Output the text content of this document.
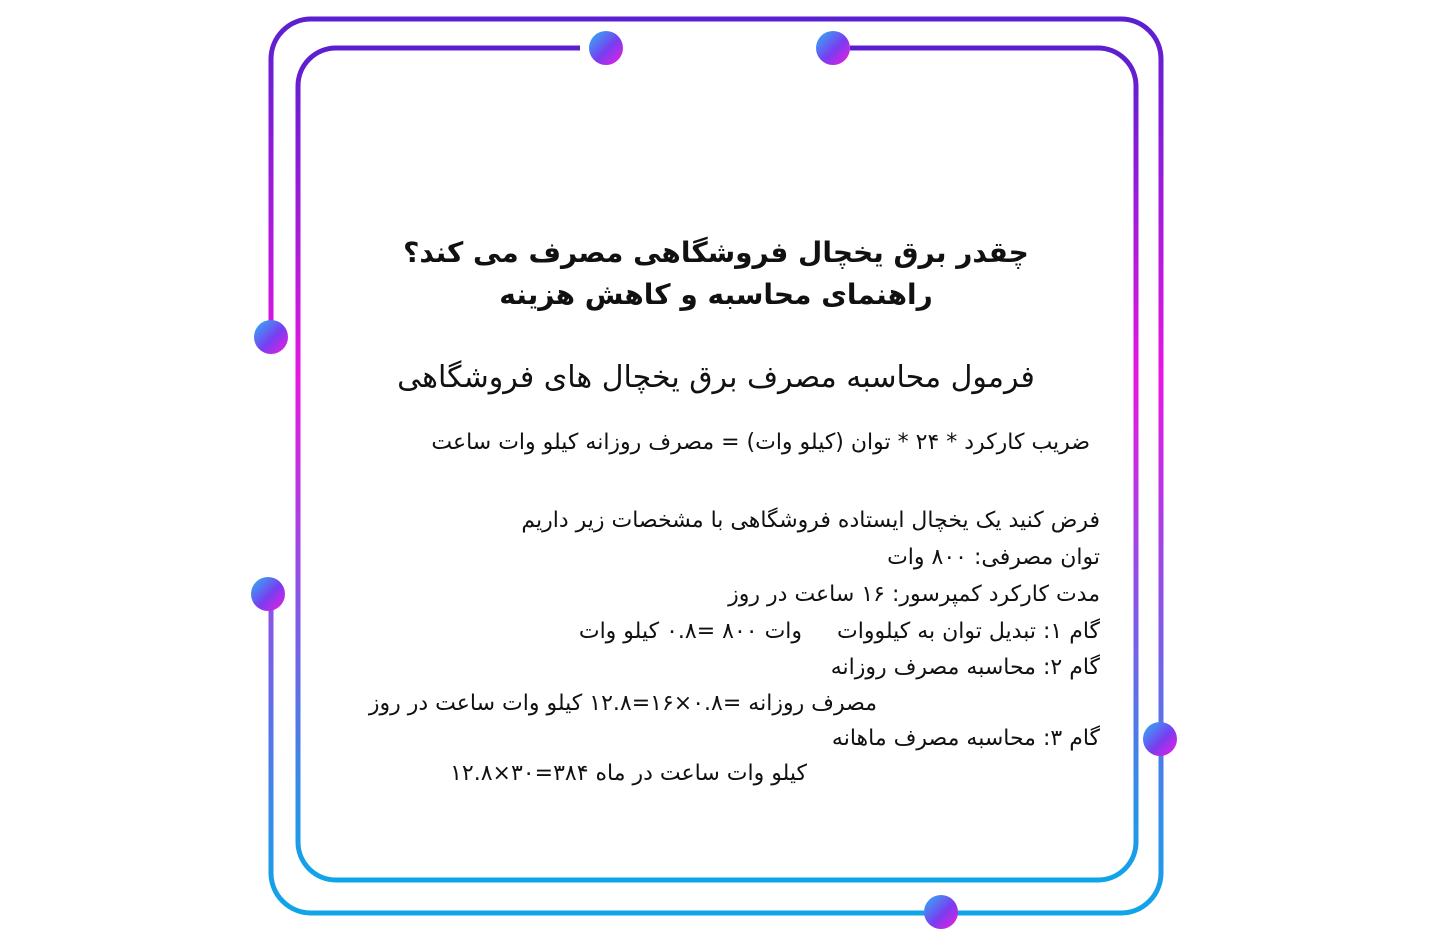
چقدر برق یخچال فروشگاهی مصرف می کند؟
راهنمای محاسبه و کاهش هزینه
فرمول محاسبه مصرف برق یخچال های فروشگاهی
ضریب کارکرد * ۲۴ * توان (کیلو وات) = مصرف روزانه کیلو وات ساعت
فرض کنید یک یخچال ایستاده فروشگاهی با مشخصات زیر داریم
توان مصرفی: ۸۰۰ وات
مدت کارکرد کمپرسور: ۱۶ ساعت در روز
گام ۱: تبدیل توان به کیلووات     وات ۸۰۰ =۰.۸ کیلو وات
گام ۲: محاسبه مصرف روزانه
مصرف روزانه =۰.۸×۱۶=۱۲.۸ کیلو وات ساعت در روز
گام ۳: محاسبه مصرف ماهانه
کیلو وات ساعت در ماه ۳۸۴=۳۰×۱۲.۸
